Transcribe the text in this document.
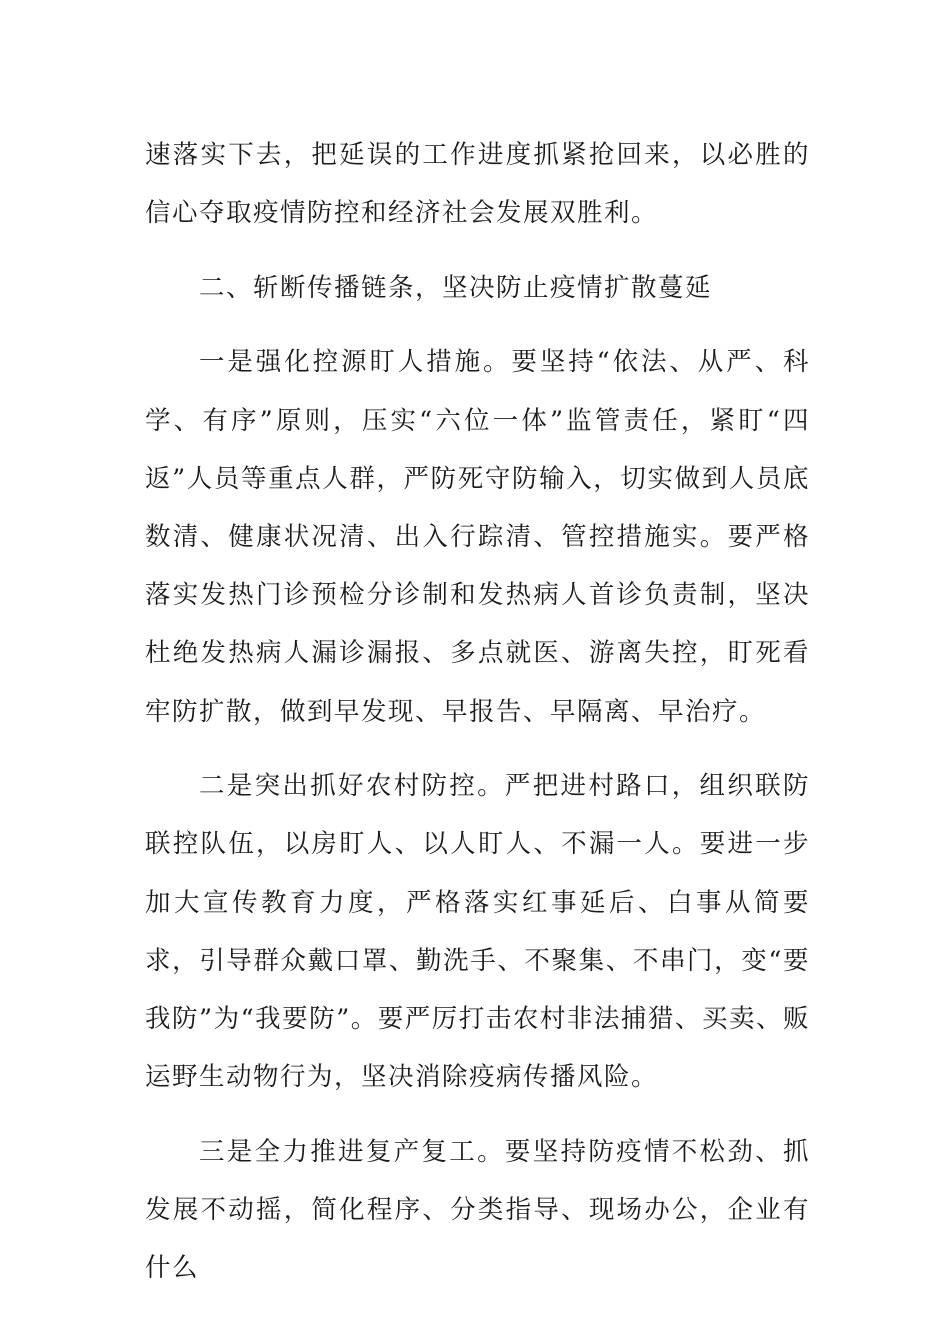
速落实下去，把延误的工作进度抓紧抢回来，以必胜的信心夺取疫情防控和经济社会发展双胜利。

二、斩断传播链条，坚决防止疫情扩散蔓延

一是强化控源盯人措施。要坚持“依法、从严、科学、有序”原则，压实“六位一体”监管责任，紧盯“四返”人员等重点人群，严防死守防输入，切实做到人员底数清、健康状况清、出入行踪清、管控措施实。要严格落实发热门诊预检分诊制和发热病人首诊负责制，坚决杜绝发热病人漏诊漏报、多点就医、游离失控，盯死看牢防扩散，做到早发现、早报告、早隔离、早治疗。

二是突出抓好农村防控。严把进村路口，组织联防联控队伍，以房盯人、以人盯人、不漏一人。要进一步加大宣传教育力度，严格落实红事延后、白事从简要求，引导群众戴口罩、勤洗手、不聚集、不串门，变“要我防”为“我要防”。要严厉打击农村非法捕猎、买卖、贩运野生动物行为，坚决消除疫病传播风险。

三是全力推进复产复工。要坚持防疫情不松劲、抓发展不动摇，简化程序、分类指导、现场办公，企业有什么
